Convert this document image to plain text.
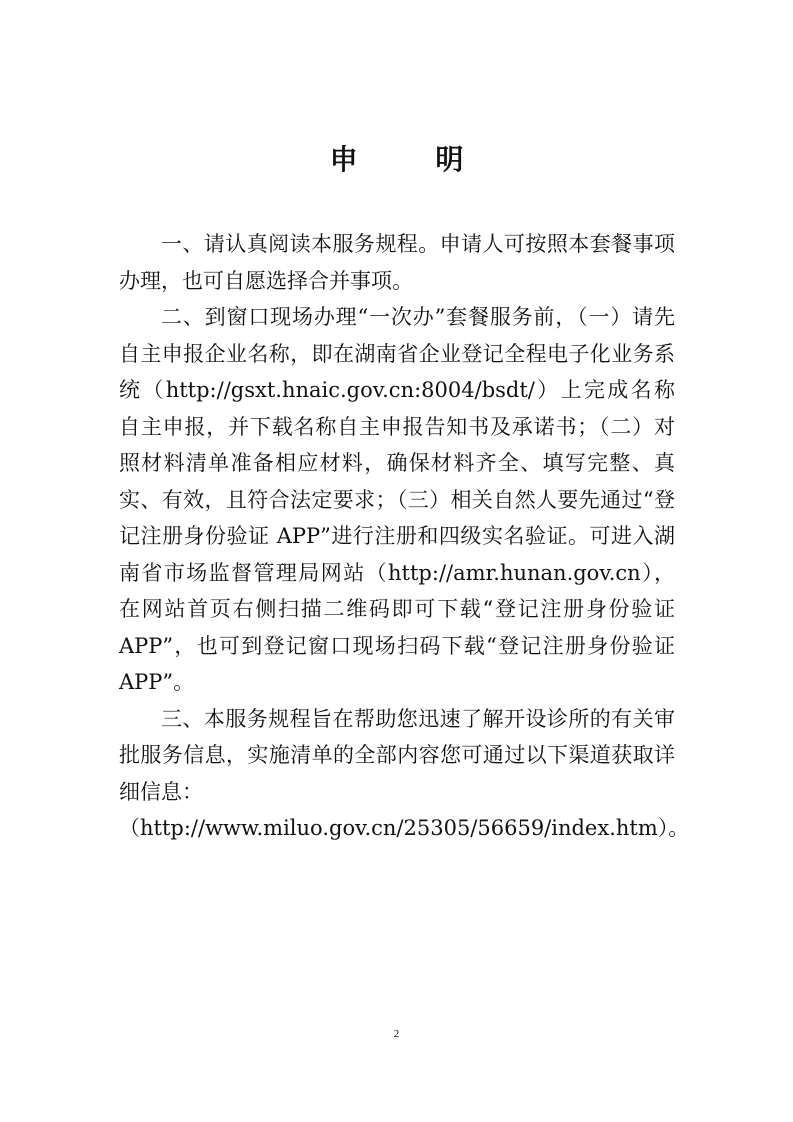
申 明

一、请认真阅读本服务规程。申请人可按照本套餐事项办理，也可自愿选择合并事项。

二、到窗口现场办理“一次办”套餐服务前，（一）请先自主申报企业名称，即在湖南省企业登记全程电子化业务系统（http://gsxt.hnaic.gov.cn:8004/bsdt/）上完成名称自主申报，并下载名称自主申报告知书及承诺书；（二）对照材料清单准备相应材料，确保材料齐全、填写完整、真实、有效，且符合法定要求；（三）相关自然人要先通过“登记注册身份验证 APP”进行注册和四级实名验证。可进入湖南省市场监督管理局网站（http://amr.hunan.gov.cn），在网站首页右侧扫描二维码即可下载“登记注册身份验证 APP”，也可到登记窗口现场扫码下载“登记注册身份验证 APP”。

三、本服务规程旨在帮助您迅速了解开设诊所的有关审批服务信息，实施清单的全部内容您可通过以下渠道获取详细信息：

（http://www.miluo.gov.cn/25305/56659/index.htm）。

2
